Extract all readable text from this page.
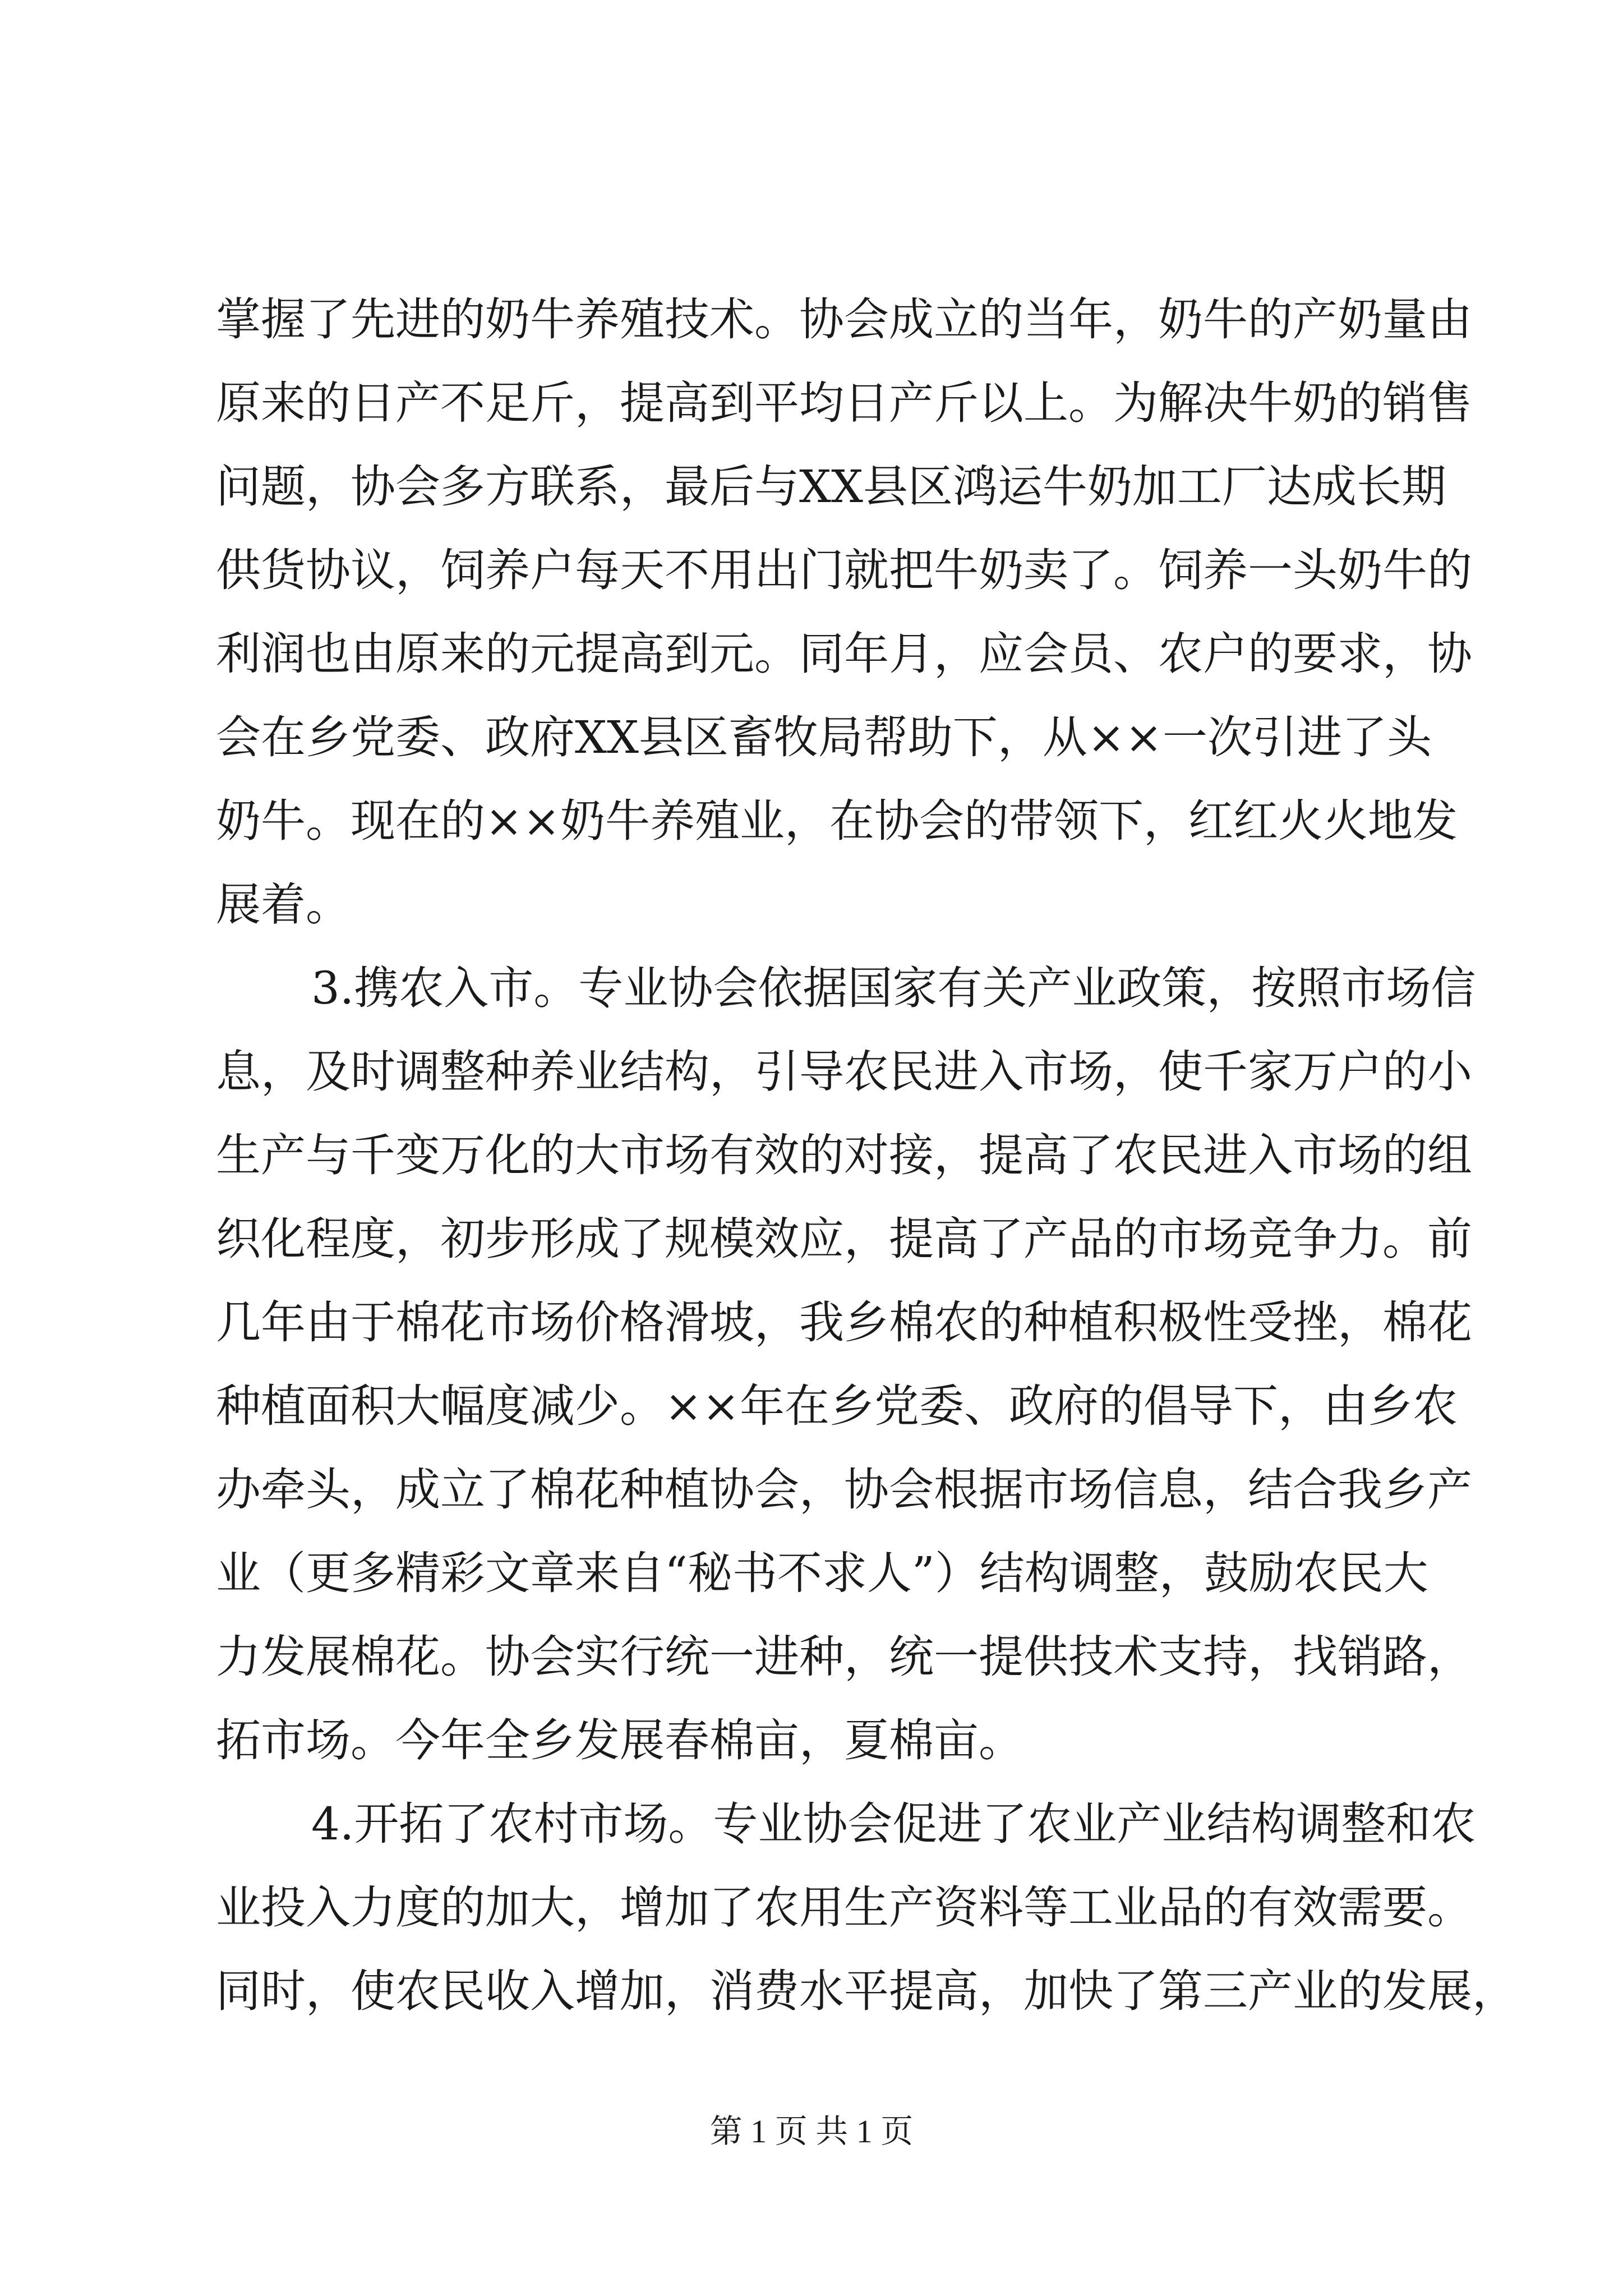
掌握了先进的奶牛养殖技术。协会成立的当年，奶牛的产奶量由
原来的日产不足斤，提高到平均日产斤以上。为解决牛奶的销售
问题，协会多方联系，最后与XX县区鸿运牛奶加工厂达成长期
供货协议，饲养户每天不用出门就把牛奶卖了。饲养一头奶牛的
利润也由原来的元提高到元。同年月，应会员、农户的要求，协
会在乡党委、政府XX县区畜牧局帮助下，从××一次引进了头
奶牛。现在的××奶牛养殖业，在协会的带领下，红红火火地发
展着。
3.携农入市。专业协会依据国家有关产业政策，按照市场信
息，及时调整种养业结构，引导农民进入市场，使千家万户的小
生产与千变万化的大市场有效的对接，提高了农民进入市场的组
织化程度，初步形成了规模效应，提高了产品的市场竞争力。前
几年由于棉花市场价格滑坡，我乡棉农的种植积极性受挫，棉花
种植面积大幅度减少。××年在乡党委、政府的倡导下，由乡农
办牵头，成立了棉花种植协会，协会根据市场信息，结合我乡产
业（更多精彩文章来自“秘书不求人”）结构调整，鼓励农民大
力发展棉花。协会实行统一进种，统一提供技术支持，找销路，
拓市场。今年全乡发展春棉亩，夏棉亩。
4.开拓了农村市场。专业协会促进了农业产业结构调整和农
业投入力度的加大，增加了农用生产资料等工业品的有效需要。
同时，使农民收入增加，消费水平提高，加快了第三产业的发展，
第 1 页 共 1 页
